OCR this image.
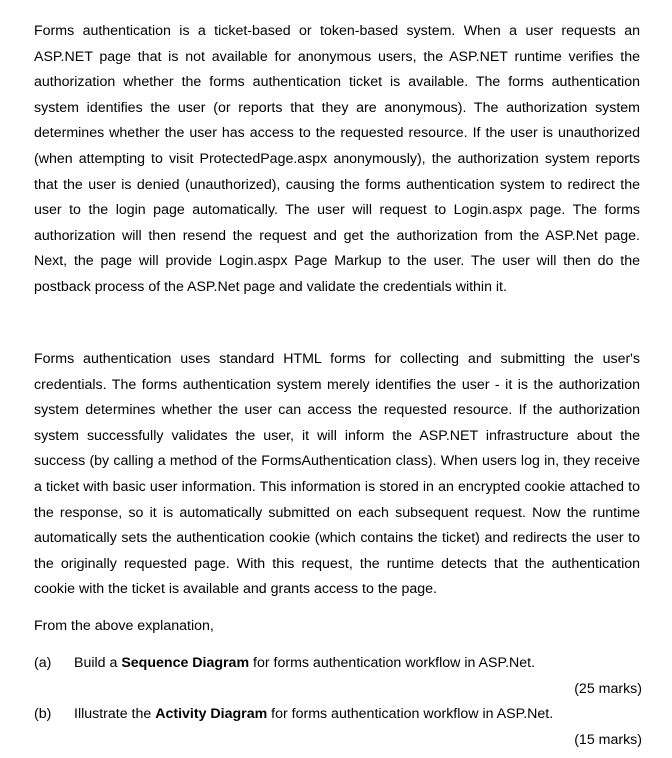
Forms authentication is a ticket-based or token-based system. When a user requests an ASP.NET page that is not available for anonymous users, the ASP.NET runtime verifies the authorization whether the forms authentication ticket is available. The forms authentication system identifies the user (or reports that they are anonymous). The authorization system determines whether the user has access to the requested resource. If the user is unauthorized (when attempting to visit ProtectedPage.aspx anonymously), the authorization system reports that the user is denied (unauthorized), causing the forms authentication system to redirect the user to the login page automatically. The user will request to Login.aspx page. The forms authorization will then resend the request and get the authorization from the ASP.Net page. Next, the page will provide Login.aspx Page Markup to the user. The user will then do the postback process of the ASP.Net page and validate the credentials within it.

Forms authentication uses standard HTML forms for collecting and submitting the user's credentials. The forms authentication system merely identifies the user - it is the authorization system determines whether the user can access the requested resource. If the authorization system successfully validates the user, it will inform the ASP.NET infrastructure about the success (by calling a method of the FormsAuthentication class). When users log in, they receive a ticket with basic user information. This information is stored in an encrypted cookie attached to the response, so it is automatically submitted on each subsequent request. Now the runtime automatically sets the authentication cookie (which contains the ticket) and redirects the user to the originally requested page. With this request, the runtime detects that the authentication cookie with the ticket is available and grants access to the page.

From the above explanation,

(a) Build a Sequence Diagram for forms authentication workflow in ASP.Net.
(25 marks)
(b) Illustrate the Activity Diagram for forms authentication workflow in ASP.Net.
(15 marks)
